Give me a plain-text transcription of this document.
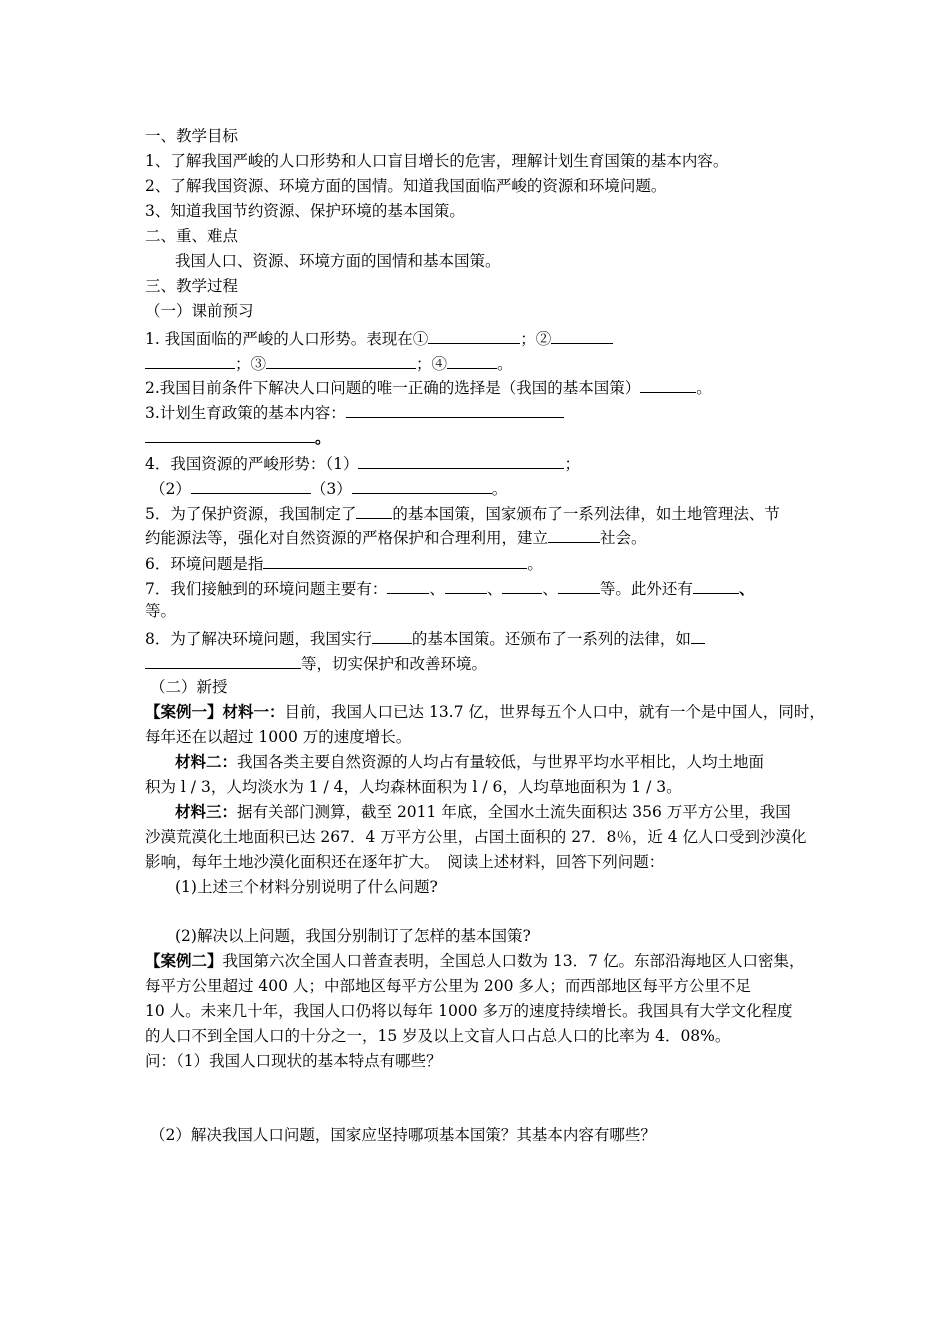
一、教学目标
1、了解我国严峻的人口形势和人口盲目增长的危害，理解计划生育国策的基本内容。
2、了解我国资源、环境方面的国情。知道我国面临严峻的资源和环境问题。
3、知道我国节约资源、保护环境的基本国策。
二、重、难点
我国人口、资源、环境方面的国情和基本国策。
三、教学过程
（一）课前预习
1. 我国面临的严峻的人口形势。表现在①	；②
；③	；④	。
2.我国目前条件下解决人口问题的唯一正确的选择是（我国的基本国策）	。
3.计划生育政策的基本内容：
。
4．我国资源的严峻形势：（1）	；
（2）	（3）	。
5．为了保护资源，我国制定了 的基本国策，国家颁布了一系列法律，如土地管理法、节
约能源法等，强化对自然资源的严格保护和合理利用，建立	社会。
6．环境问题是指	。
7．我们接触到的环境问题主要有：	、	、	、	等。此外还有	、
等。
8．为了解决环境问题，我国实行	的基本国策。还颁布了一系列的法律，如
等，切实保护和改善环境。
（二）新授
【案例一】材料一：目前，我国人口已达 13.7 亿，世界每五个人口中，就有一个是中国人，同时，
每年还在以超过 1000 万的速度增长。
材料二：我国各类主要自然资源的人均占有量较低，与世界平均水平相比，人均土地面
积为 l / 3，人均淡水为 1 / 4，人均森林面积为 l / 6，人均草地面积为 1 / 3。
材料三：据有关部门测算，截至 2011 年底，全国水土流失面积达 356 万平方公里，我国
沙漠荒漠化土地面积已达 267．4 万平方公里，占国土面积的 27．8％，近 4 亿人口受到沙漠化
影响，每年土地沙漠化面积还在逐年扩大。　阅读上述材料，回答下列问题：
(1)上述三个材料分别说明了什么问题?
(2)解决以上问题，我国分别制订了怎样的基本国策?
【案例二】我国第六次全国人口普查表明，全国总人口数为 13．7 亿。东部沿海地区人口密集，
每平方公里超过 400 人；中部地区每平方公里为 200 多人；而西部地区每平方公里不足
10 人。未来几十年，我国人口仍将以每年 1000 多万的速度持续增长。我国具有大学文化程度
的人口不到全国人口的十分之一，15 岁及以上文盲人口占总人口的比率为 4．08%。
问：（1）我国人口现状的基本特点有哪些？
（2）解决我国人口问题，国家应坚持哪项基本国策？其基本内容有哪些？
